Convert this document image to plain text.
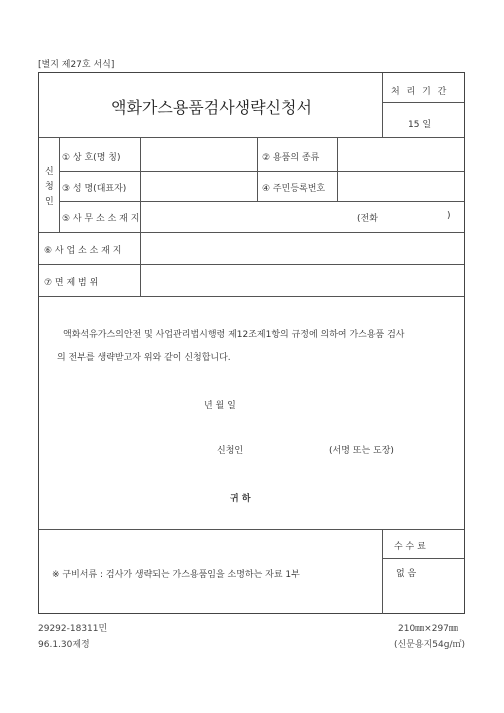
[별지 제27호 서식]
액화가스용품검사생략신청서
처 리 기 간
15 일
신
청
인
① 상 호(명 칭)	② 용품의 종류
③ 성 명(대표자)	④ 주민등록번호
⑤ 사 무 소 소 재 지	(전화	)
⑥ 사 업 소 소 재 지
⑦ 면 제 범 위
액화석유가스의안전 및 사업관리법시행령 제12조제1항의 규정에 의하여 가스용품 검사
의 전부를 생략받고자 위와 같이 신청합니다.
년 월 일
신청인	(서명 또는 도장)
귀 하
※ 구비서류 : 검사가 생략되는 가스용품임을 소명하는 자료 1부
수 수 료
없 음
29292-18311민
96.1.30제정
210㎜×297㎜
(신문용지54g/㎡)
